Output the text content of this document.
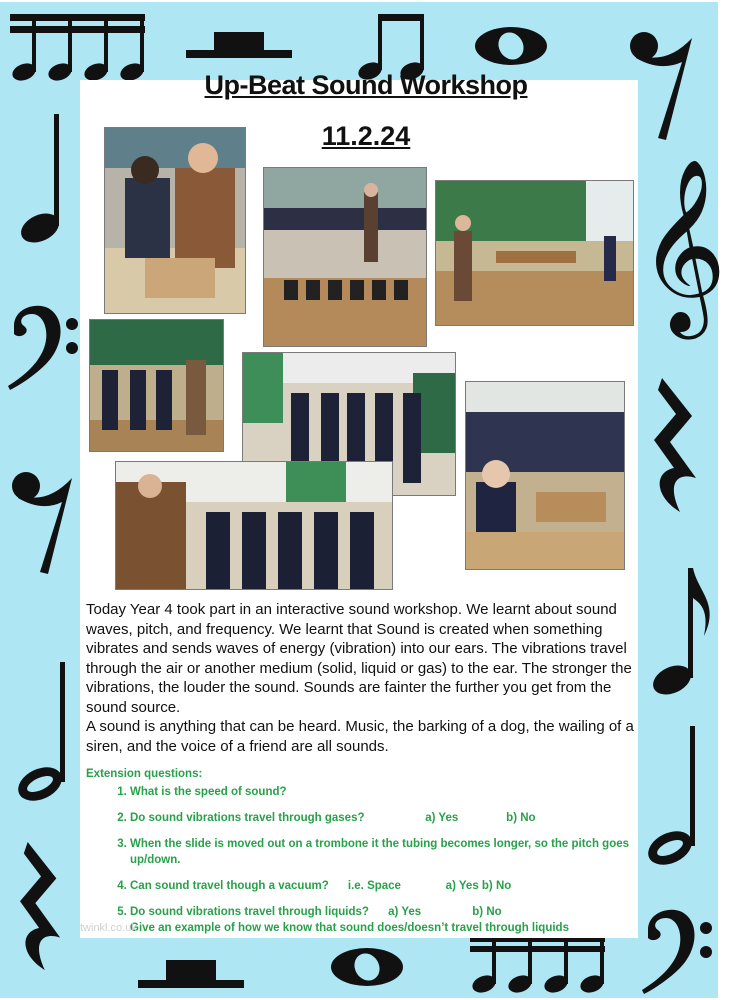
𝄞
Up-Beat Sound Workshop
11.2.24

Today Year 4 took part in an interactive sound workshop. We learnt about sound waves, pitch, and frequency. We learnt that Sound is created when something vibrates and sends waves of energy (vibration) into our ears. The vibrations travel through the air or another medium (solid, liquid or gas) to the ear. The stronger the vibrations, the louder the sound. Sounds are fainter the further you get from the sound source.

A sound is anything that can be heard. Music, the barking of a dog, the wailing of a siren, and the voice of a friend are all sounds.

Extension questions:

1. What is the speed of sound?
2. Do sound vibrations travel through gases?                   a) Yes               b) No
3. When the slide is moved out on a trombone it the tubing becomes longer, so the pitch goes up/down.
4. Can sound travel though a vacuum?      i.e. Space              a) Yes b) No
5. Do sound vibrations travel through liquids?      a) Yes                b) No
Give an example of how we know that sound does/doesn’t travel through liquids
twinkl.co.uk
